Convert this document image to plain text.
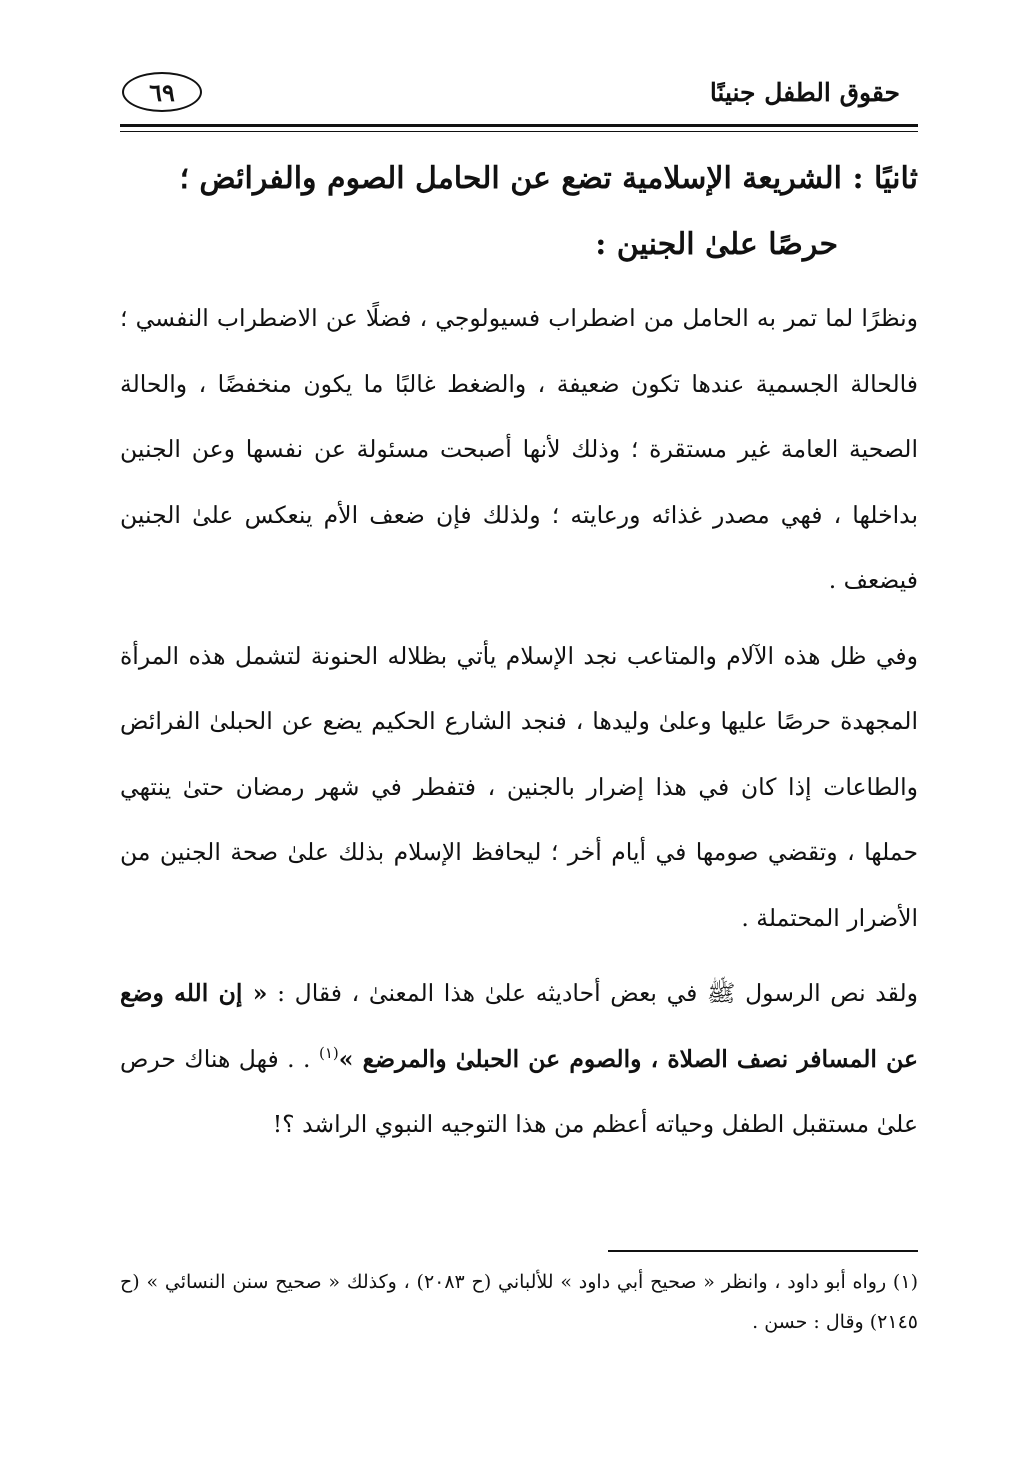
حقوق الطفل جنينًا
٦٩
ثانيًا : الشريعة الإسلامية تضع عن الحامل الصوم والفرائض ؛
حرصًا علىٰ الجنين :

ونظرًا لما تمر به الحامل من اضطراب فسيولوجي ، فضلًا عن الاضطراب النفسي ؛ فالحالة الجسمية عندها تكون ضعيفة ، والضغط غالبًا ما يكون منخفضًا ، والحالة الصحية العامة غير مستقرة ؛ وذلك لأنها أصبحت مسئولة عن نفسها وعن الجنين بداخلها ، فهي مصدر غذائه ورعايته ؛ ولذلك فإن ضعف الأم ينعكس علىٰ الجنين فيضعف .

وفي ظل هذه الآلام والمتاعب نجد الإسلام يأتي بظلاله الحنونة لتشمل هذه المرأة المجهدة حرصًا عليها وعلىٰ وليدها ، فنجد الشارع الحكيم يضع عن الحبلىٰ الفرائض والطاعات إذا كان في هذا إضرار بالجنين ، فتفطر في شهر رمضان حتىٰ ينتهي حملها ، وتقضي صومها في أيام أخر ؛ ليحافظ الإسلام بذلك علىٰ صحة الجنين من الأضرار المحتملة .

ولقد نص الرسول ﷺ في بعض أحاديثه علىٰ هذا المعنىٰ ، فقال : « إن الله وضع عن المسافر نصف الصلاة ، والصوم عن الحبلىٰ والمرضع »$^{(١)}$ . . فهل هناك حرص علىٰ مستقبل الطفل وحياته أعظم من هذا التوجيه النبوي الراشد ؟!

(١) رواه أبو داود ، وانظر « صحيح أبي داود » للألباني (ح ٢٠٨٣) ، وكذلك « صحيح سنن النسائي » (ح ٢١٤٥) وقال : حسن .
